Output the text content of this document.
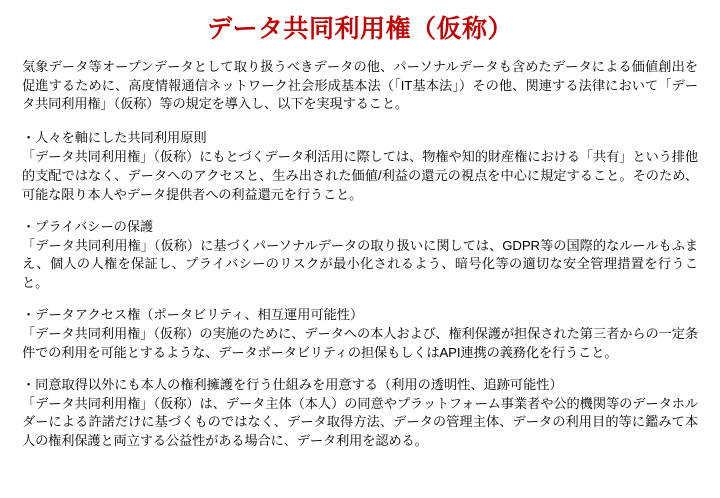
データ共同利用権（仮称）

気象データ等オープンデータとして取り扱うべきデータの他、パーソナルデータも含めたデータによる価値創出を促進するために、高度情報通信ネットワーク社会形成基本法（「IT基本法」）その他、関連する法律において「データ共同利用権」（仮称）等の規定を導入し、以下を実現すること。

・人々を軸にした共同利用原則

「データ共同利用権」（仮称）にもとづくデータ利活用に際しては、物権や知的財産権における「共有」という排他的支配ではなく、データへのアクセスと、生み出された価値/利益の還元の視点を中心に規定すること。そのため、可能な限り本人やデータ提供者への利益還元を行うこと。

・プライバシーの保護

「データ共同利用権」（仮称）に基づくパーソナルデータの取り扱いに関しては、GDPR等の国際的なルールもふまえ、個人の人権を保証し、プライバシーのリスクが最小化されるよう、暗号化等の適切な安全管理措置を行うこと。

・データアクセス権（ポータビリティ、相互運用可能性）

「データ共同利用権」（仮称）の実施のために、データへの本人および、権利保護が担保された第三者からの一定条件での利用を可能とするような、データポータビリティの担保もしくはAPI連携の義務化を行うこと。

・同意取得以外にも本人の権利擁護を行う仕組みを用意する（利用の透明性、追跡可能性）

「データ共同利用権」（仮称）は、データ主体（本人）の同意やプラットフォーム事業者や公的機関等のデータホルダーによる許諾だけに基づくものではなく、データ取得方法、データの管理主体、データの利用目的等に鑑みて本人の権利保護と両立する公益性がある場合に、データ利用を認める。
